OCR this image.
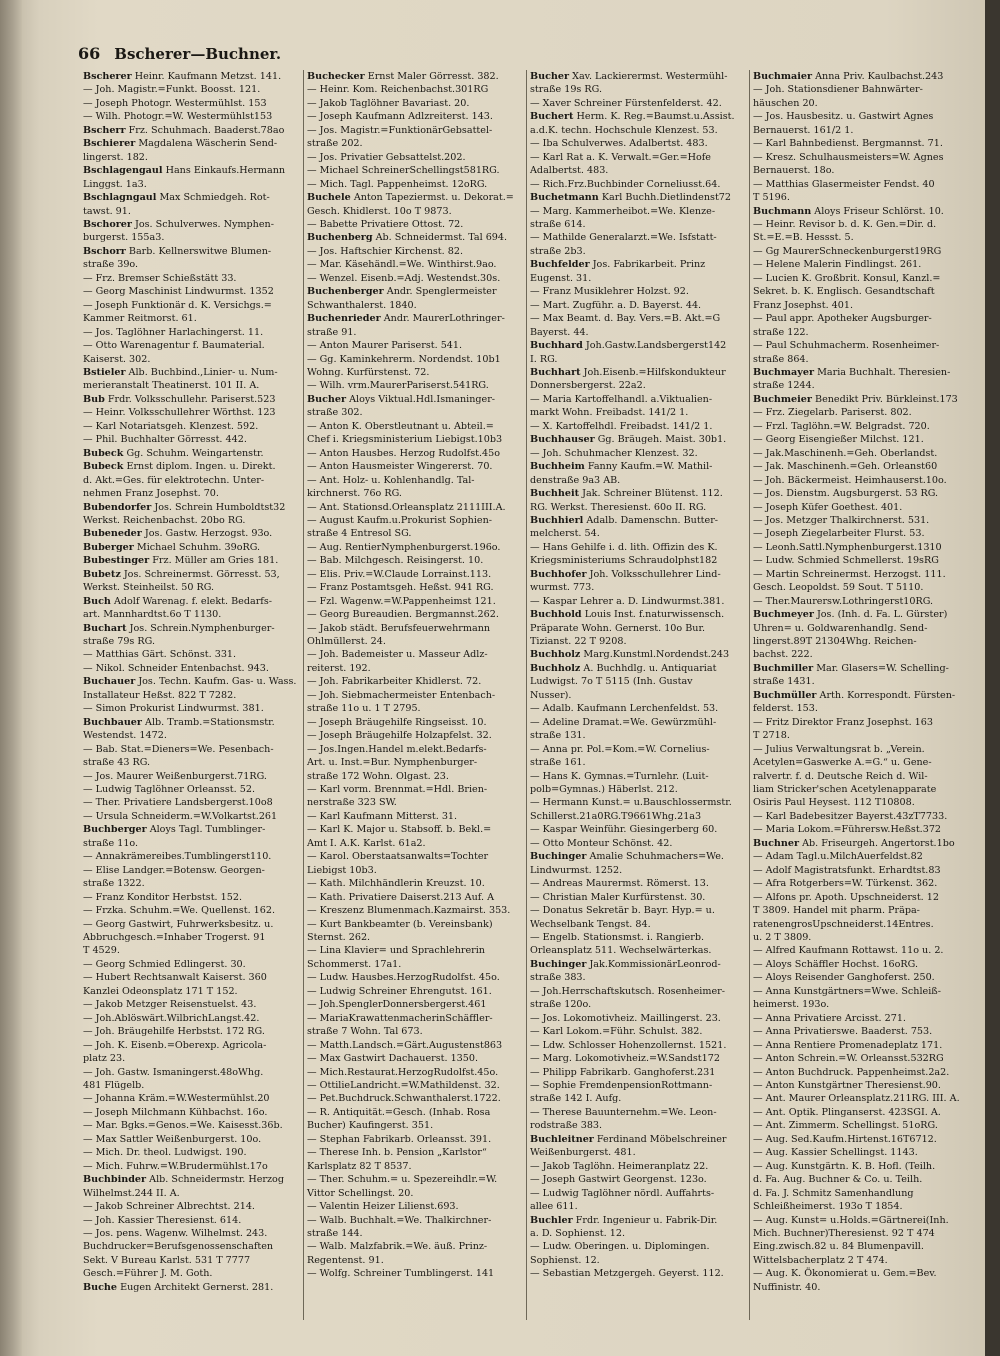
66 Bscherer—Buchner.

Bscherer Heinr. Kaufmann Metzst. 141.

— Joh. Magistr.=Funkt. Boosst. 121.

— Joseph Photogr. Westermühlst. 153

— Wilh. Photogr.=W. Westermühlst153

Bscherr Frz. Schuhmach. Baaderst.78ao

Bschierer Magdalena Wäscherin Send-

lingerst. 182.

Bschlagengaul Hans Einkaufs.Hermann

Linggst. 1a3.

Bschlagngaul Max Schmiedgeh. Rot-

tawst. 91.

Bschorer Jos. Schulverwes. Nymphen-

burgerst. 155a3.

Bschorr Barb. Kellnerswitwe Blumen-

straße 39o.

— Frz. Bremser Schießstätt 33.

— Georg Maschinist Lindwurmst. 1352

— Joseph Funktionär d. K. Versichgs.=

Kammer Reitmorst. 61.

— Jos. Taglöhner Harlachingerst. 11.

— Otto Warenagentur f. Baumaterial.

Kaiserst. 302.

Bstieler Alb. Buchbind.,Linier- u. Num-

merieranstalt Theatinerst. 101 II. A.

Bub Frdr. Volksschullehr. Pariserst.523

— Heinr. Volksschullehrer Wörthst. 123

— Karl Notariatsgeh. Klenzest. 592.

— Phil. Buchhalter Görresst. 442.

Bubeck Gg. Schuhm. Weingartenstr.

Bubeck Ernst diplom. Ingen. u. Direkt.

d. Akt.=Ges. für elektrotechn. Unter-

nehmen Franz Josephst. 70.

Bubendorfer Jos. Schrein Humboldtst32

Werkst. Reichenbachst. 20bo RG.

Bubeneder Jos. Gastw. Herzogst. 93o.

Buberger Michael Schuhm. 39oRG.

Bubestinger Frz. Müller am Gries 181.

Bubetz Jos. Schreinermst. Görresst. 53,

Werkst. Steinheilst. 50 RG.

Buch Adolf Warenag. f. elekt. Bedarfs-

art. Mannhardtst.6o T 1130.

Buchart Jos. Schrein.Nymphenburger-

straße 79s RG.

— Matthias Gärt. Schönst. 331.

— Nikol. Schneider Entenbachst. 943.

Buchauer Jos. Techn. Kaufm. Gas- u. Wass.

Installateur Heßst. 822 T 7282.

— Simon Prokurist Lindwurmst. 381.

Buchbauer Alb. Tramb.=Stationsmstr.

Westendst. 1472.

— Bab. Stat.=Dieners=We. Pesenbach-

straße 43 RG.

— Jos. Maurer Weißenburgerst.71RG.

— Ludwig Taglöhner Orleansst. 52.

— Ther. Privatiere Landsbergerst.10o8

— Ursula Schneiderm.=W.Volkartst.261

Buchberger Aloys Tagl. Tumblinger-

straße 11o.

— Annakrämereibes.Tumblingerst110.

— Elise Landger.=Botensw. Georgen-

straße 1322.

— Franz Konditor Herbstst. 152.

— Frzka. Schuhm.=We. Quellenst. 162.

— Georg Gastwirt, Fuhrwerksbesitz. u.

Abbruchgesch.=Inhaber Trogerst. 91

T 4529.

— Georg Schmied Edlingerst. 30.

— Hubert Rechtsanwalt Kaiserst. 360

Kanzlei Odeonsplatz 171 T 152.

— Jakob Metzger Reisenstuelst. 43.

— Joh.Ablöswärt.WilbrichLangst.42.

— Joh. Bräugehilfe Herbstst. 172 RG.

— Joh. K. Eisenb.=Oberexp. Agricola-

platz 23.

— Joh. Gastw. Ismaningerst.48oWhg.

481 Flügelb.

— Johanna Kräm.=W.Westermühlst.20

— Joseph Milchmann Kühbachst. 16o.

— Mar. Bgks.=Genos.=We. Kaisesst.36b.

— Max Sattler Weißenburgerst. 10o.

— Mich. Dr. theol. Ludwigst. 190.

— Mich. Fuhrw.=W.Brudermühlst.17o

Buchbinder Alb. Schneidermstr. Herzog

Wilhelmst.244 II. A.

— Jakob Schreiner Albrechtst. 214.

— Joh. Kassier Theresienst. 614.

— Jos. pens. Wagenw. Wilhelmst. 243.

Buchdrucker=Berufsgenossenschaften

Sekt. V Bureau Karlst. 531 T 7777

Gesch.=Führer J. M. Goth.

Buche Eugen Architekt Gernerst. 281.

Buchecker Ernst Maler Görresst. 382.

— Heinr. Kom. Reichenbachst.301RG

— Jakob Taglöhner Bavariast. 20.

— Joseph Kaufmann Adlzreiterst. 143.

— Jos. Magistr.=FunktionärGebsattel-

straße 202.

— Jos. Privatier Gebsattelst.202.

— Michael SchreinerSchellingst581RG.

— Mich. Tagl. Pappenheimst. 12oRG.

Buchele Anton Tapeziermst. u. Dekorat.=

Gesch. Khidlerst. 10o T 9873.

— Babette Privatiere Ottost. 72.

Buchenberg Ab. Schneidermst. Tal 694.

— Jos. Haftschier Kirchenst. 82.

— Mar. Käsehändl.=We. Winthirst.9ao.

— Wenzel. Eisenb.=Adj. Westendst.30s.

Buchenberger Andr. Spenglermeister

Schwanthalerst. 1840.

Buchenrieder Andr. MaurerLothringer-

straße 91.

— Anton Maurer Pariserst. 541.

— Gg. Kaminkehrerm. Nordendst. 10b1

Wohng. Kurfürstenst. 72.

— Wilh. vrm.MaurerPariserst.541RG.

Bucher Aloys Viktual.Hdl.Ismaninger-

straße 302.

— Anton K. Oberstleutnant u. Abteil.=

Chef i. Kriegsministerium Liebigst.10b3

— Anton Hausbes. Herzog Rudolfst.45o

— Anton Hausmeister Wingererst. 70.

— Ant. Holz- u. Kohlenhandlg. Tal-

kirchnerst. 76o RG.

— Ant. Stationsd.Orleansplatz 2111III.A.

— August Kaufm.u.Prokurist Sophien-

straße 4 Entresol SG.

— Aug. RentierNymphenburgerst.196o.

— Bab. Milchgesch. Reisingerst. 10.

— Elis. Priv.=W.Claude Lorrainst.113.

— Franz Postamtsgeh. Heßst. 941 RG.

— Fzl. Wagenw.=W.Pappenheimst 121.

— Georg Bureaudien. Bergmannst.262.

— Jakob städt. Berufsfeuerwehrmann

Ohlmüllerst. 24.

— Joh. Bademeister u. Masseur Adlz-

reiterst. 192.

— Joh. Fabrikarbeiter Khidlerst. 72.

— Joh. Siebmachermeister Entenbach-

straße 11o u. 1 T 2795.

— Joseph Bräugehilfe Ringseisst. 10.

— Joseph Bräugehilfe Holzapfelst. 32.

— Jos.Ingen.Handel m.elekt.Bedarfs-

Art. u. Inst.=Bur. Nymphenburger-

straße 172 Wohn. Olgast. 23.

— Karl vorm. Brennmat.=Hdl. Brien-

nerstraße 323 SW.

— Karl Kaufmann Mitterst. 31.

— Karl K. Major u. Stabsoff. b. Bekl.=

Amt I. A.K. Karlst. 61a2.

— Karol. Oberstaatsanwalts=Tochter

Liebigst 10b3.

— Kath. Milchhändlerin Kreuzst. 10.

— Kath. Privatiere Daiserst.213 Auf. A

— Kreszenz Blumenmach.Kazmairst. 353.

— Kurt Bankbeamter (b. Vereinsbank)

Sternst. 262.

— Lina Klavier= und Sprachlehrerin

Schommerst. 17a1.

— Ludw. Hausbes.HerzogRudolfst. 45o.

— Ludwig Schreiner Ehrengutst. 161.

— Joh.SpenglerDonnersbergerst.461

— MariaKrawattenmacherinSchäffler-

straße 7 Wohn. Tal 673.

— Matth.Landsch.=Gärt.Augustenst863

— Max Gastwirt Dachauerst. 1350.

— Mich.Restaurat.HerzogRudolfst.45o.

— OttilieLandricht.=W.Mathildenst. 32.

— Pet.Buchdruck.Schwanthalerst.1722.

— R. Antiquität.=Gesch. (Inhab. Rosa

Bucher) Kaufingerst. 351.

— Stephan Fabrikarb. Orleansst. 391.

— Therese Inh. b. Pension „Karlstor“

Karlsplatz 82 T 8537.

— Ther. Schuhm.= u. Spezereihdlr.=W.

Vittor Schellingst. 20.

— Valentin Heizer Lilienst.693.

— Walb. Buchhalt.=We. Thalkirchner-

straße 144.

— Walb. Malzfabrik.=We. äuß. Prinz-

Regentenst. 91.

— Wolfg. Schreiner Tumblingerst. 141

Bucher Xav. Lackierermst. Westermühl-

straße 19s RG.

— Xaver Schreiner Fürstenfelderst. 42.

Buchert Herm. K. Reg.=Baumst.u.Assist.

a.d.K. techn. Hochschule Klenzest. 53.

— Iba Schulverwes. Adalbertst. 483.

— Karl Rat a. K. Verwalt.=Ger.=Hofe

Adalbertst. 483.

— Rich.Frz.Buchbinder Corneliusst.64.

Buchetmann Karl Buchh.Dietlindenst72

— Marg. Kammerheibot.=We. Klenze-

straße 614.

— Mathilde Generalarzt.=We. Isfstatt-

straße 2b3.

Buchfelder Jos. Fabrikarbeit. Prinz

Eugenst. 31.

— Franz Musiklehrer Holzst. 92.

— Mart. Zugführ. a. D. Bayerst. 44.

— Max Beamt. d. Bay. Vers.=B. Akt.=G

Bayerst. 44.

Buchhard Joh.Gastw.Landsbergerst142

I. RG.

Buchhart Joh.Eisenb.=Hilfskondukteur

Donnersbergerst. 22a2.

— Maria Kartoffelhandl. a.Viktualien-

markt Wohn. Freibadst. 141/2 1.

— X. Kartoffelhdl. Freibadst. 141/2 1.

Buchhauser Gg. Bräugeh. Maist. 30b1.

— Joh. Schuhmacher Klenzest. 32.

Buchheim Fanny Kaufm.=W. Mathil-

denstraße 9a3 AB.

Buchheit Jak. Schreiner Blütenst. 112.

RG. Werkst. Theresienst. 60o II. RG.

Buchhierl Adalb. Damenschn. Butter-

melcherst. 54.

— Hans Gehilfe i. d. lith. Offizin des K.

Kriegsministeriums Schraudolphst182

Buchhofer Joh. Volksschullehrer Lind-

wurmst. 773.

— Kaspar Lehrer a. D. Lindwurmst.381.

Buchhold Louis Inst. f.naturwissensch.

Präparate Wohn. Gernerst. 10o Bur.

Tizianst. 22 T 9208.

Buchholz Marg.Kunstml.Nordendst.243

Buchholz A. Buchhdlg. u. Antiquariat

Ludwigst. 7o T 5115 (Inh. Gustav

Nusser).

— Adalb. Kaufmann Lerchenfeldst. 53.

— Adeline Dramat.=We. Gewürzmühl-

straße 131.

— Anna pr. Pol.=Kom.=W. Cornelius-

straße 161.

— Hans K. Gymnas.=Turnlehr. (Luit-

polb=Gymnas.) Häberlst. 212.

— Hermann Kunst.= u.Bauschlossermstr.

Schillerst.21a0RG.T9661Whg.21a3

— Kaspar Weinführ. Giesingerberg 60.

— Otto Monteur Schönst. 42.

Buchinger Amalie Schuhmachers=We.

Lindwurmst. 1252.

— Andreas Maurermst. Römerst. 13.

— Christian Maler Kurfürstenst. 30.

— Donatus Sekretär b. Bayr. Hyp.= u.

Wechselbank Tengst. 84.

— Engelb. Stationsmst. i. Rangierb.

Orleansplatz 511. Wechselwärterkas.

Buchinger Jak.KommissionärLeonrod-

straße 383.

— Joh.Herrschaftskutsch. Rosenheimer-

straße 120o.

— Jos. Lokomotivheiz. Maillingerst. 23.

— Karl Lokom.=Führ. Schulst. 382.

— Ldw. Schlosser Hohenzollernst. 1521.

— Marg. Lokomotivheiz.=W.Sandst172

— Philipp Fabrikarb. Ganghoferst.231

— Sophie FremdenpensionRottmann-

straße 142 I. Aufg.

— Therese Bauunternehm.=We. Leon-

rodstraße 383.

Buchleitner Ferdinand Möbelschreiner

Weißenburgerst. 481.

— Jakob Taglöhn. Heimeranplatz 22.

— Joseph Gastwirt Georgenst. 123o.

— Ludwig Taglöhner nördl. Auffahrts-

allee 611.

Buchler Frdr. Ingenieur u. Fabrik-Dir.

a. D. Sophienst. 12.

— Ludw. Oberingen. u. Diplomingen.

Sophienst. 12.

— Sebastian Metzgergeh. Geyerst. 112.

Buchmaier Anna Priv. Kaulbachst.243

— Joh. Stationsdiener Bahnwärter-

häuschen 20.

— Jos. Hausbesitz. u. Gastwirt Agnes

Bernauerst. 161/2 1.

— Karl Bahnbedienst. Bergmannst. 71.

— Kresz. Schulhausmeisters=W. Agnes

Bernauerst. 18o.

— Matthias Glasermeister Fendst. 40

T 5196.

Buchmann Aloys Friseur Schlörst. 10.

— Heinr. Revisor b. d. K. Gen.=Dir. d.

St.=E.=B. Hessst. 5.

— Gg MaurerSchneckenburgerst19RG

— Helene Malerin Findlingst. 261.

— Lucien K. Großbrit. Konsul, Kanzl.=

Sekret. b. K. Englisch. Gesandtschaft

Franz Josephst. 401.

— Paul appr. Apotheker Augsburger-

straße 122.

— Paul Schuhmacherm. Rosenheimer-

straße 864.

Buchmayer Maria Buchhalt. Theresien-

straße 1244.

Buchmeier Benedikt Priv. Bürkleinst.173

— Frz. Ziegelarb. Pariserst. 802.

— Frzl. Taglöhn.=W. Belgradst. 720.

— Georg Eisengießer Milchst. 121.

— Jak.Maschinenh.=Geh. Oberlandst.

— Jak. Maschinenh.=Geh. Orleanst60

— Joh. Bäckermeist. Heimhauserst.10o.

— Jos. Dienstm. Augsburgerst. 53 RG.

— Joseph Küfer Goethest. 401.

— Jos. Metzger Thalkirchnerst. 531.

— Joseph Ziegelarbeiter Flurst. 53.

— Leonh.Sattl.Nymphenburgerst.1310

— Ludw. Schmied Schmellerst. 19sRG

— Martin Schreinermst. Herzogst. 111.

Gesch. Leopoldst. 59 Sout. T 5110.

— Ther.Maurersw.Lothringerst10RG.

Buchmeyer Jos. (Inh. d. Fa. L. Gürster)

Uhren= u. Goldwarenhandlg. Send-

lingerst.89T 21304Whg. Reichen-

bachst. 222.

Buchmiller Mar. Glasers=W. Schelling-

straße 1431.

Buchmüller Arth. Korrespondt. Fürsten-

felderst. 153.

— Fritz Direktor Franz Josephst. 163

T 2718.

— Julius Verwaltungsrat b. „Verein.

Acetylen=Gaswerke A.=G.“ u. Gene-

ralvertr. f. d. Deutsche Reich d. Wil-

liam Stricker'schen Acetylenapparate

Osiris Paul Heysest. 112 T10808.

— Karl Badebesitzer Bayerst.43zT7733.

— Maria Lokom.=Führersw.Heßst.372

Buchner Ab. Friseurgeh. Angertorst.1bo

— Adam Tagl.u.MilchAuerfeldst.82

— Adolf Magistratsfunkt. Erhardtst.83

— Afra Rotgerbers=W. Türkenst. 362.

— Alfons pr. Apoth. Upschneiderst. 12

T 3809. Handel mit pharm. Präpa-

ratenengrosUpschneiderst.14Entres.

u. 2 T 3809.

— Alfred Kaufmann Rottawst. 11o u. 2.

— Aloys Schäffler Hochst. 16oRG.

— Aloys Reisender Ganghoferst. 250.

— Anna Kunstgärtners=Wwe. Schleiß-

heimerst. 193o.

— Anna Privatiere Arcisst. 271.

— Anna Privatierswe. Baaderst. 753.

— Anna Rentiere Promenadeplatz 171.

— Anton Schrein.=W. Orleansst.532RG

— Anton Buchdruck. Pappenheimst.2a2.

— Anton Kunstgärtner Theresienst.90.

— Ant. Maurer Orleansplatz.211RG. III. A.

— Ant. Optik. Plinganserst. 423SGI. A.

— Ant. Zimmerm. Schellingst. 51oRG.

— Aug. Sed.Kaufm.Hirtenst.16T6712.

— Aug. Kassier Schellingst. 1143.

— Aug. Kunstgärtn. K. B. Hofl. (Teilh.

d. Fa. Aug. Buchner & Co. u. Teilh.

d. Fa. J. Schmitz Samenhandlung

Schleißheimerst. 193o T 1854.

— Aug. Kunst= u.Holds.=Gärtnerei(Inh.

Mich. Buchner)Theresienst. 92 T 474

Eing.zwisch.82 u. 84 Blumenpavill.

Wittelsbacherplatz 2 T 474.

— Aug. K. Ökonomierat u. Gem.=Bev.

Nuffinistr. 40.
